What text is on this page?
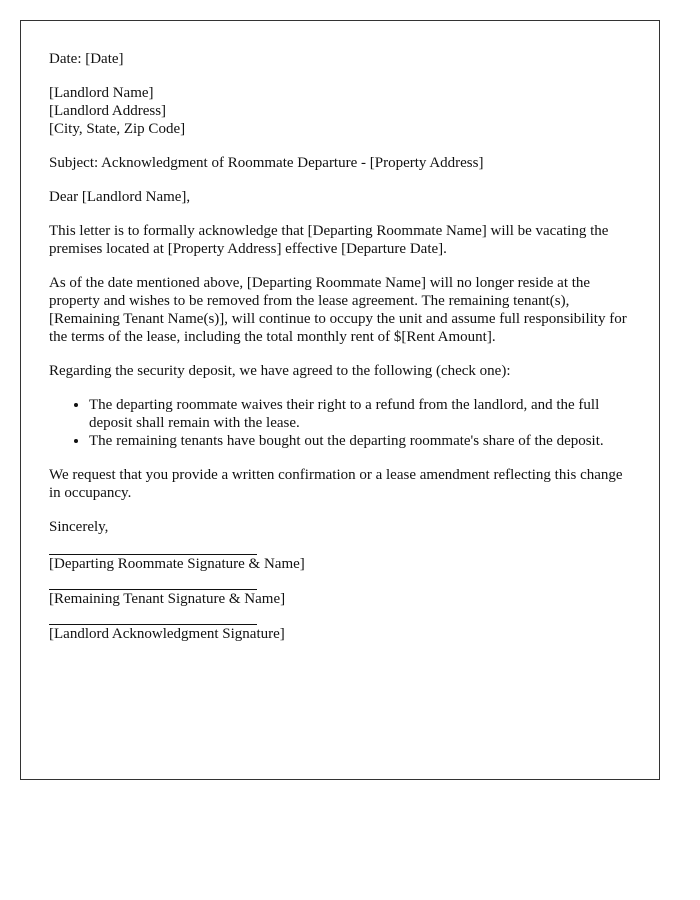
Date: [Date]

[Landlord Name]
[Landlord Address]
[City, State, Zip Code]

Subject: Acknowledgment of Roommate Departure - [Property Address]

Dear [Landlord Name],

This letter is to formally acknowledge that [Departing Roommate Name] will be vacating the premises located at [Property Address] effective [Departure Date].

As of the date mentioned above, [Departing Roommate Name] will no longer reside at the property and wishes to be removed from the lease agreement. The remaining tenant(s), [Remaining Tenant Name(s)], will continue to occupy the unit and assume full responsibility for the terms of the lease, including the total monthly rent of $[Rent Amount].

Regarding the security deposit, we have agreed to the following (check one):

• The departing roommate waives their right to a refund from the landlord, and the full deposit shall remain with the lease.
• The remaining tenants have bought out the departing roommate's share of the deposit.

We request that you provide a written confirmation or a lease amendment reflecting this change in occupancy.

Sincerely,

[Departing Roommate Signature & Name]
[Remaining Tenant Signature & Name]
[Landlord Acknowledgment Signature]
